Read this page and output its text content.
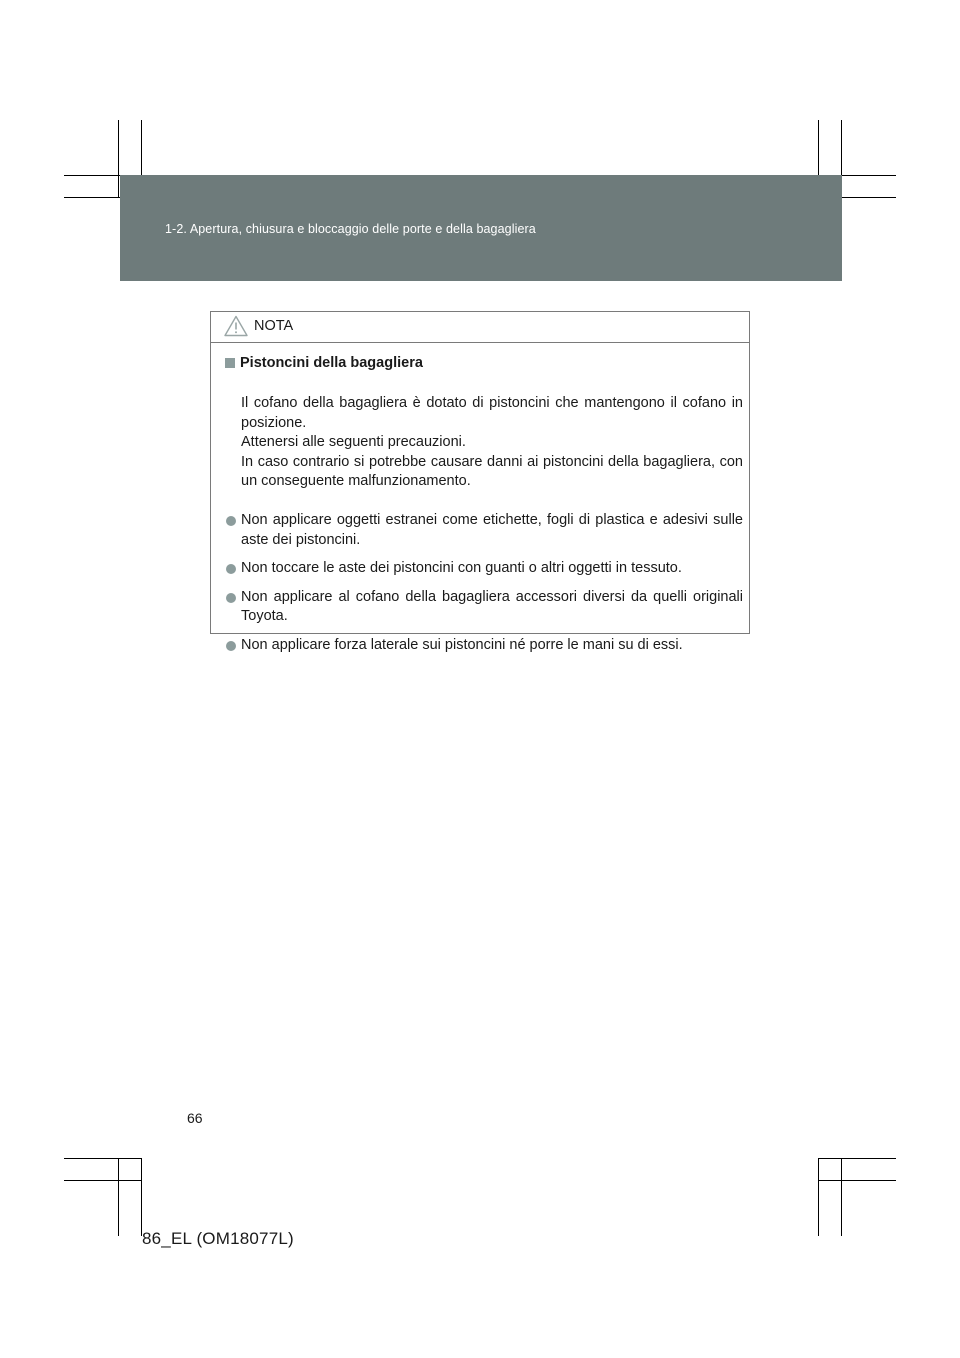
1-2. Apertura, chiusura e bloccaggio delle porte e della bagagliera
NOTA
Pistoncini della bagagliera

Il cofano della bagagliera è dotato di pistoncini che mantengono il cofano in posizione.

Attenersi alle seguenti precauzioni.

In caso contrario si potrebbe causare danni ai pistoncini della bagagliera, con un conseguente malfunzionamento.

Non applicare oggetti estranei come etichette, fogli di plastica e adesivi sulle aste dei pistoncini.
Non toccare le aste dei pistoncini con guanti o altri oggetti in tessuto.
Non applicare al cofano della bagagliera accessori diversi da quelli originali Toyota.
Non applicare forza laterale sui pistoncini né porre le mani su di essi.
66
86_EL (OM18077L)
